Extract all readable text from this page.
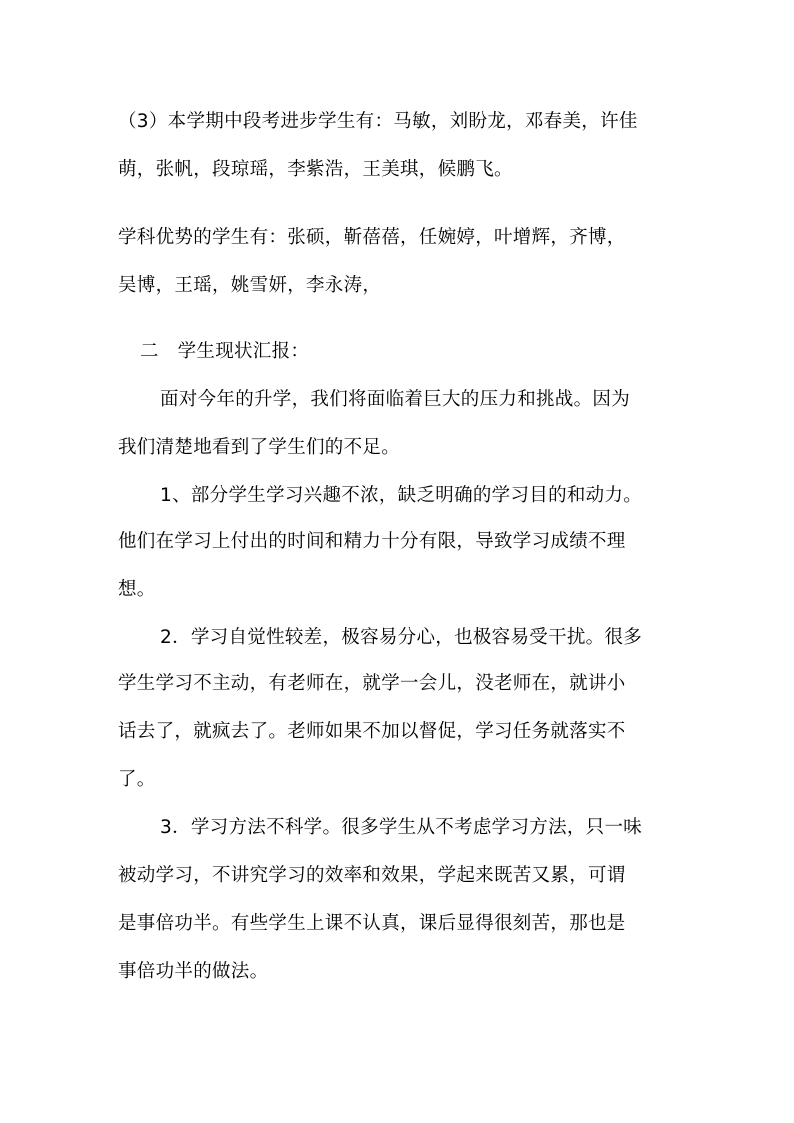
（3）本学期中段考进步学生有：马敏，刘盼龙，邓春美，许佳
萌，张帆，段琼瑶，李紫浩，王美琪，候鹏飞。
学科优势的学生有：张硕，靳蓓蓓，任婉婷，叶增辉，齐博，
吴博，王瑶，姚雪妍，李永涛，
二　学生现状汇报：
面对今年的升学，我们将面临着巨大的压力和挑战。因为
我们清楚地看到了学生们的不足。
1、部分学生学习兴趣不浓，缺乏明确的学习目的和动力。
他们在学习上付出的时间和精力十分有限，导致学习成绩不理
想。
2．学习自觉性较差，极容易分心，也极容易受干扰。很多
学生学习不主动，有老师在，就学一会儿，没老师在，就讲小
话去了，就疯去了。老师如果不加以督促，学习任务就落实不
了。
3．学习方法不科学。很多学生从不考虑学习方法，只一味
被动学习，不讲究学习的效率和效果，学起来既苦又累，可谓
是事倍功半。有些学生上课不认真，课后显得很刻苦，那也是
事倍功半的做法。
